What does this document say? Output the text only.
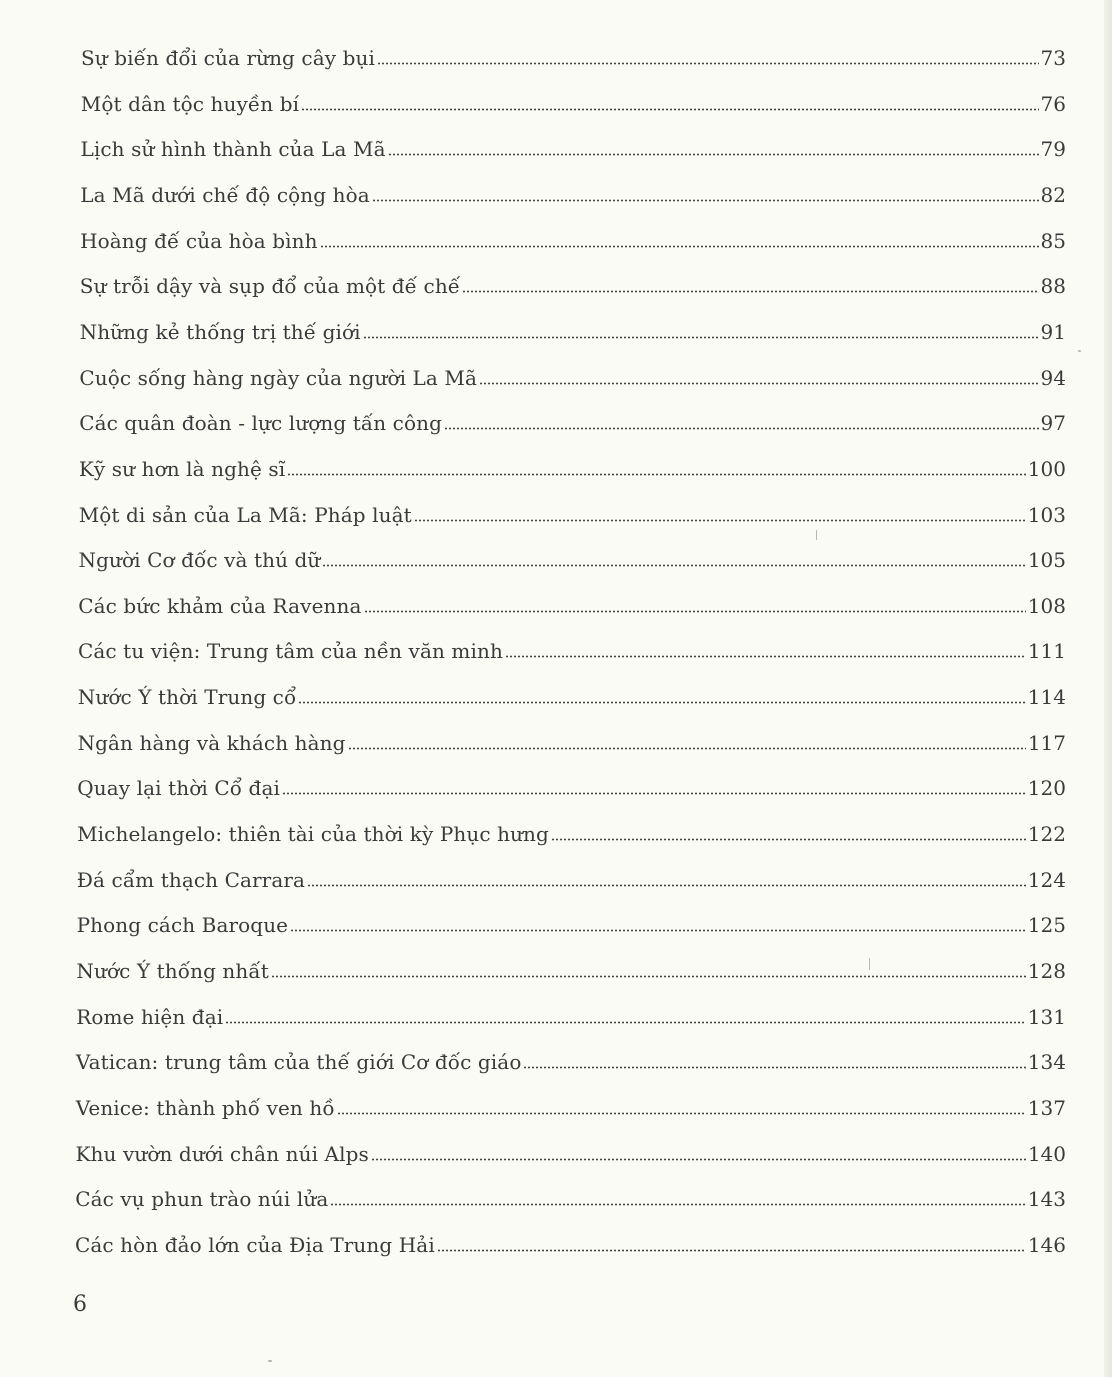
Sự biến đổi của rừng cây bụi	73
Một dân tộc huyền bí	76
Lịch sử hình thành của La Mã	79
La Mã dưới chế độ cộng hòa	82
Hoàng đế của hòa bình	85
Sự trỗi dậy và sụp đổ của một đế chế	88
Những kẻ thống trị thế giới	91
Cuộc sống hàng ngày của người La Mã	94
Các quân đoàn - lực lượng tấn công	97
Kỹ sư hơn là nghệ sĩ	100
Một di sản của La Mã: Pháp luật	103
Người Cơ đốc và thú dữ	105
Các bức khảm của Ravenna	108
Các tu viện: Trung tâm của nền văn minh	111
Nước Ý thời Trung cổ	114
Ngân hàng và khách hàng	117
Quay lại thời Cổ đại	120
Michelangelo: thiên tài của thời kỳ Phục hưng	122
Đá cẩm thạch Carrara	124
Phong cách Baroque	125
Nước Ý thống nhất	128
Rome hiện đại	131
Vatican: trung tâm của thế giới Cơ đốc giáo	134
Venice: thành phố ven hồ	137
Khu vườn dưới chân núi Alps	140
Các vụ phun trào núi lửa	143
Các hòn đảo lớn của Địa Trung Hải	146
6
